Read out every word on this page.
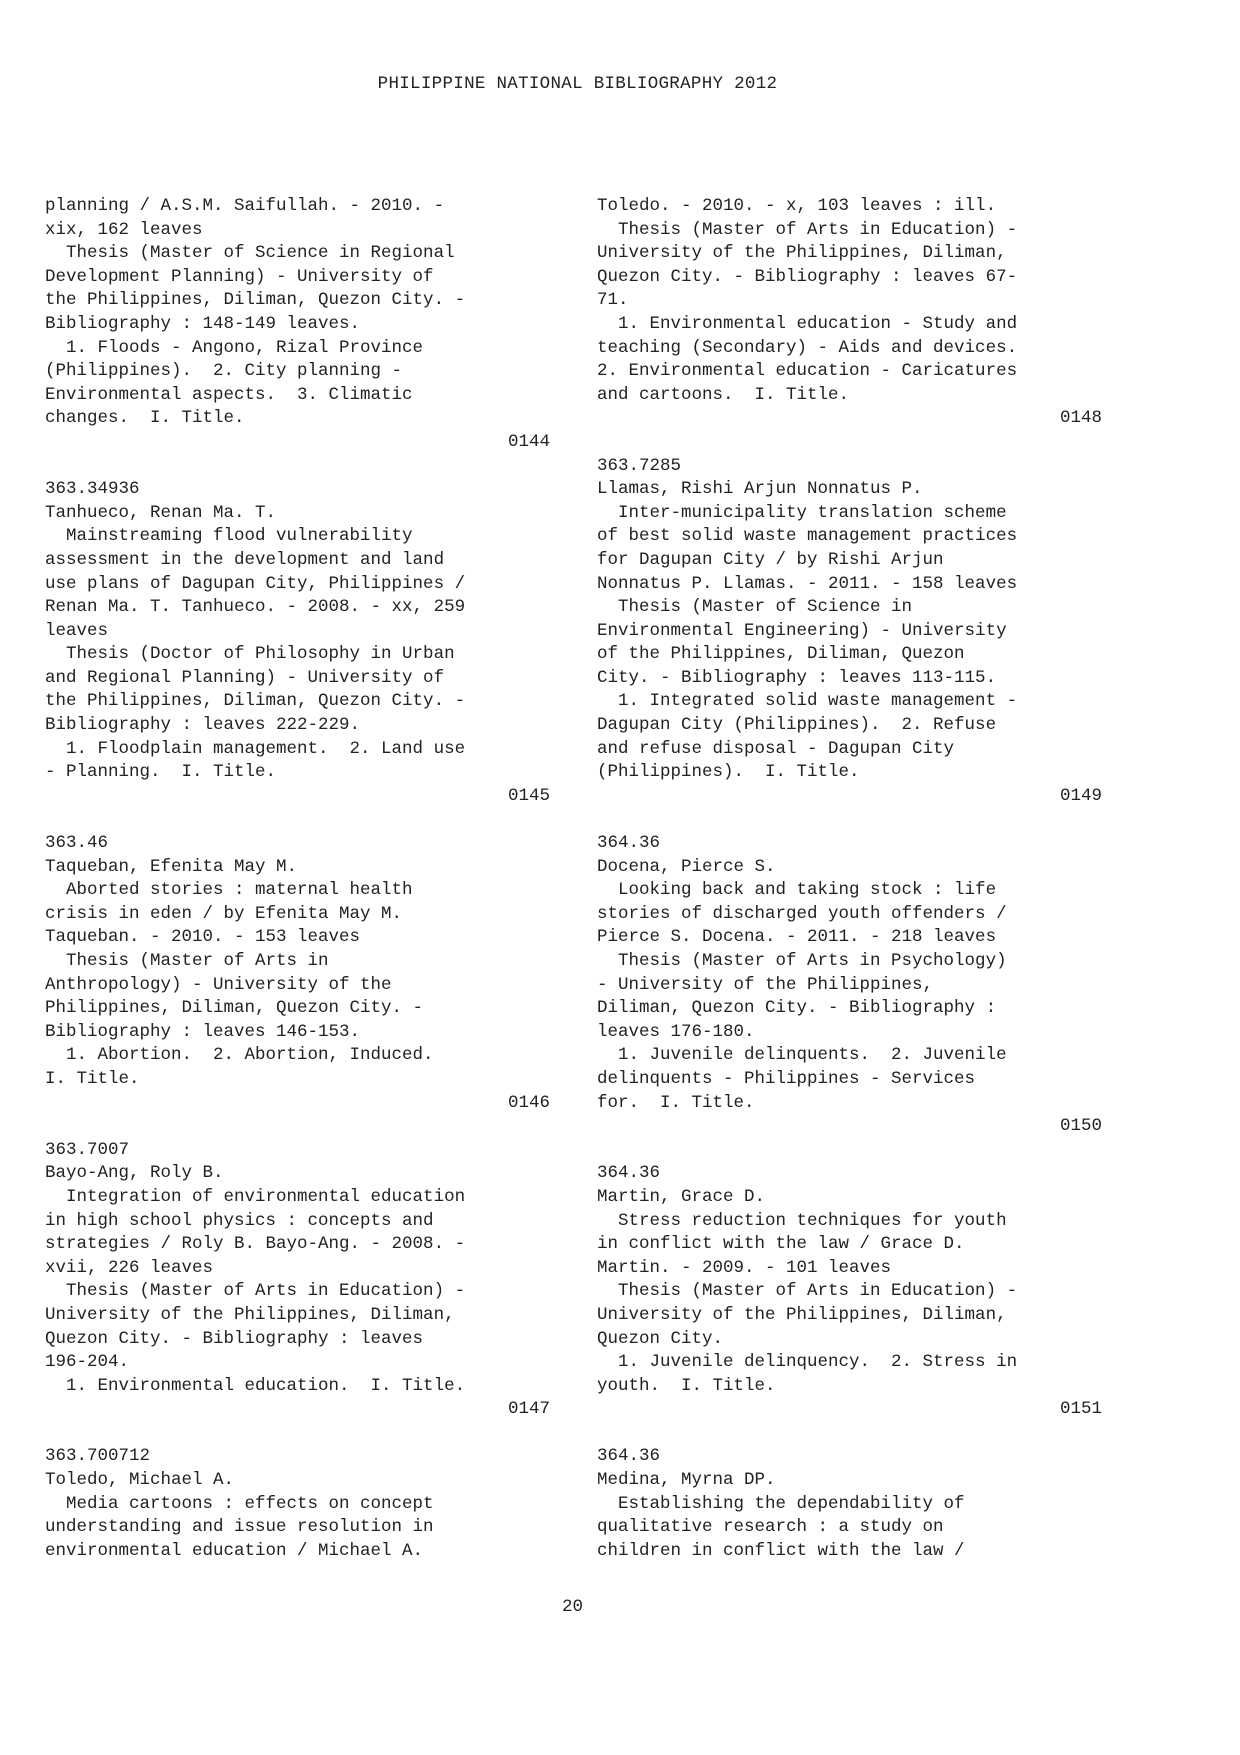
PHILIPPINE NATIONAL BIBLIOGRAPHY 2012
planning / A.S.M. Saifullah. - 2010. -
xix, 162 leaves
Thesis (Master of Science in Regional
Development Planning) - University of
the Philippines, Diliman, Quezon City. -
Bibliography : 148-149 leaves.
1. Floods - Angono, Rizal Province
(Philippines).  2. City planning -
Environmental aspects.  3. Climatic
changes.  I. Title.
0144
363.34936
Tanhueco, Renan Ma. T.
Mainstreaming flood vulnerability
assessment in the development and land
use plans of Dagupan City, Philippines /
Renan Ma. T. Tanhueco. - 2008. - xx, 259
leaves
Thesis (Doctor of Philosophy in Urban
and Regional Planning) - University of
the Philippines, Diliman, Quezon City. -
Bibliography : leaves 222-229.
1. Floodplain management.  2. Land use
- Planning.  I. Title.
0145
363.46
Taqueban, Efenita May M.
Aborted stories : maternal health
crisis in eden / by Efenita May M.
Taqueban. - 2010. - 153 leaves
Thesis (Master of Arts in
Anthropology) - University of the
Philippines, Diliman, Quezon City. -
Bibliography : leaves 146-153.
1. Abortion.  2. Abortion, Induced.
I. Title.
0146
363.7007
Bayo-Ang, Roly B.
Integration of environmental education
in high school physics : concepts and
strategies / Roly B. Bayo-Ang. - 2008. -
xvii, 226 leaves
Thesis (Master of Arts in Education) -
University of the Philippines, Diliman,
Quezon City. - Bibliography : leaves
196-204.
1. Environmental education.  I. Title.
0147
363.700712
Toledo, Michael A.
Media cartoons : effects on concept
understanding and issue resolution in
environmental education / Michael A.
Toledo. - 2010. - x, 103 leaves : ill.
Thesis (Master of Arts in Education) -
University of the Philippines, Diliman,
Quezon City. - Bibliography : leaves 67-
71.
1. Environmental education - Study and
teaching (Secondary) - Aids and devices.
2. Environmental education - Caricatures
and cartoons.  I. Title.
0148
363.7285
Llamas, Rishi Arjun Nonnatus P.
Inter-municipality translation scheme
of best solid waste management practices
for Dagupan City / by Rishi Arjun
Nonnatus P. Llamas. - 2011. - 158 leaves
Thesis (Master of Science in
Environmental Engineering) - University
of the Philippines, Diliman, Quezon
City. - Bibliography : leaves 113-115.
1. Integrated solid waste management -
Dagupan City (Philippines).  2. Refuse
and refuse disposal - Dagupan City
(Philippines).  I. Title.
0149
364.36
Docena, Pierce S.
Looking back and taking stock : life
stories of discharged youth offenders /
Pierce S. Docena. - 2011. - 218 leaves
Thesis (Master of Arts in Psychology)
- University of the Philippines,
Diliman, Quezon City. - Bibliography :
leaves 176-180.
1. Juvenile delinquents.  2. Juvenile
delinquents - Philippines - Services
for.  I. Title.
0150
364.36
Martin, Grace D.
Stress reduction techniques for youth
in conflict with the law / Grace D.
Martin. - 2009. - 101 leaves
Thesis (Master of Arts in Education) -
University of the Philippines, Diliman,
Quezon City.
1. Juvenile delinquency.  2. Stress in
youth.  I. Title.
0151
364.36
Medina, Myrna DP.
Establishing the dependability of
qualitative research : a study on
children in conflict with the law /
20
